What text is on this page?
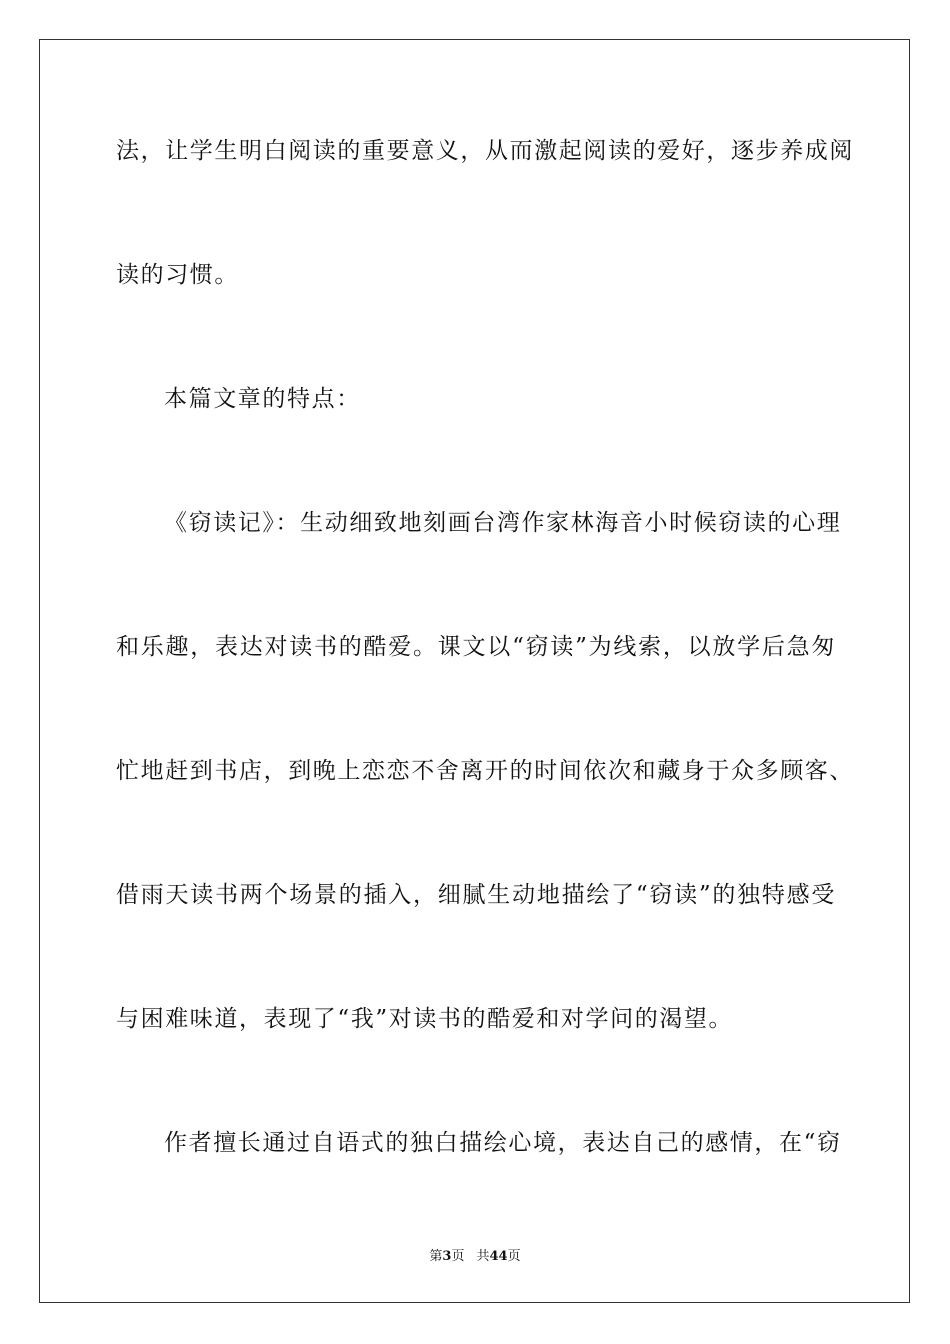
法，让学生明白阅读的重要意义，从而激起阅读的爱好，逐步养成阅
读的习惯。
本篇文章的特点：
《窃读记》：生动细致地刻画台湾作家林海音小时候窃读的心理
和乐趣，表达对读书的酷爱。课文以“窃读”为线索，以放学后急匆
忙地赶到书店，到晚上恋恋不舍离开的时间依次和藏身于众多顾客、
借雨天读书两个场景的插入，细腻生动地描绘了“窃读”的独特感受
与困难味道，表现了“我”对读书的酷爱和对学问的渴望。
作者擅长通过自语式的独白描绘心境，表达自己的感情，在“窃
第3页 共44页
